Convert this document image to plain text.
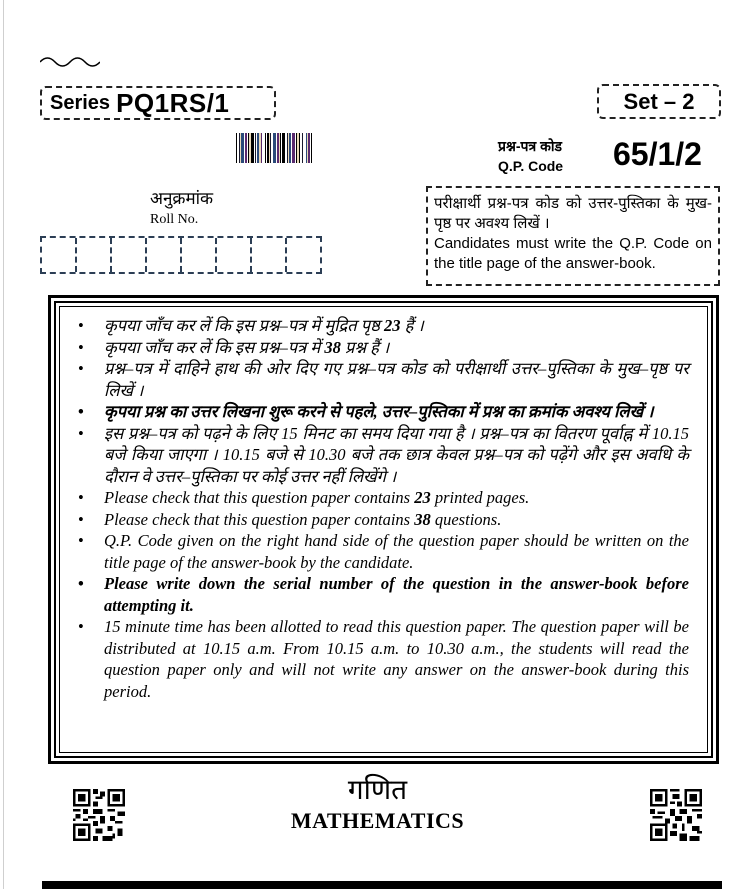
Series PQ1RS/1	Set – 2
प्रश्न-पत्र कोड
Q.P. Code 65/1/2
अनुक्रमांक
Roll No.

परीक्षार्थी प्रश्न-पत्र कोड को उत्तर-पुस्तिका के मुख-पृष्ठ पर अवश्य लिखें ।

Candidates must write the Q.P. Code on the title page of the answer-book.

• कृपया जाँच कर लें कि इस प्रश्न–पत्र में मुद्रित पृष्ठ 23 हैं ।
• कृपया जाँच कर लें कि इस प्रश्न–पत्र में 38 प्रश्न हैं ।
• प्रश्न–पत्र में दाहिने हाथ की ओर दिए गए प्रश्न–पत्र कोड को परीक्षार्थी उत्तर–पुस्तिका के मुख–पृष्ठ पर लिखें ।
• कृपया प्रश्न का उत्तर लिखना शुरू करने से पहले, उत्तर–पुस्तिका में प्रश्न का क्रमांक अवश्य लिखें ।
• इस प्रश्न–पत्र को पढ़ने के लिए 15 मिनट का समय दिया गया है । प्रश्न–पत्र का वितरण पूर्वाह्न में 10.15 बजे किया जाएगा । 10.15 बजे से 10.30 बजे तक छात्र केवल प्रश्न–पत्र को पढ़ेंगे और इस अवधि के दौरान वे उत्तर–पुस्तिका पर कोई उत्तर नहीं लिखेंगे ।
• Please check that this question paper contains 23 printed pages.
• Please check that this question paper contains 38 questions.
• Q.P. Code given on the right hand side of the question paper should be written on the title page of the answer-book by the candidate.
• Please write down the serial number of the question in the answer-book before attempting it.
• 15 minute time has been allotted to read this question paper. The question paper will be distributed at 10.15 a.m. From 10.15 a.m. to 10.30 a.m., the students will read the question paper only and will not write any answer on the answer-book during this period.
गणित
MATHEMATICS
